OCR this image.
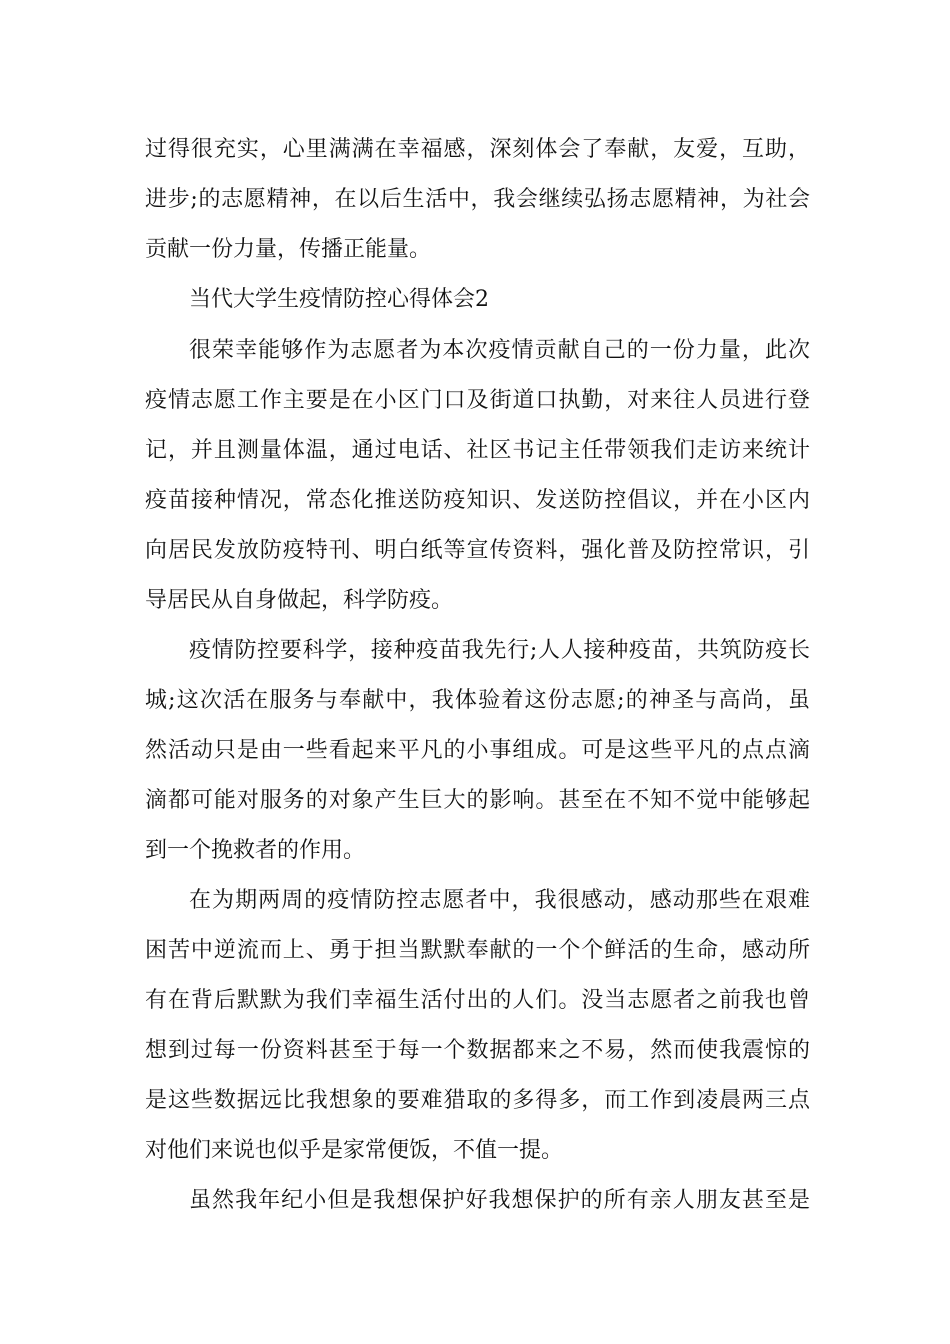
过得很充实，心里满满在幸福感，深刻体会了奉献，友爱，互助，
进步;的志愿精神，在以后生活中，我会继续弘扬志愿精神，为社会
贡献一份力量，传播正能量。
当代大学生疫情防控心得体会2
很荣幸能够作为志愿者为本次疫情贡献自己的一份力量，此次
疫情志愿工作主要是在小区门口及街道口执勤，对来往人员进行登
记，并且测量体温，通过电话、社区书记主任带领我们走访来统计
疫苗接种情况，常态化推送防疫知识、发送防控倡议，并在小区内
向居民发放防疫特刊、明白纸等宣传资料，强化普及防控常识，引
导居民从自身做起，科学防疫。
疫情防控要科学，接种疫苗我先行;人人接种疫苗，共筑防疫长
城;这次活在服务与奉献中，我体验着这份志愿;的神圣与高尚，虽
然活动只是由一些看起来平凡的小事组成。可是这些平凡的点点滴
滴都可能对服务的对象产生巨大的影响。甚至在不知不觉中能够起
到一个挽救者的作用。
在为期两周的疫情防控志愿者中，我很感动，感动那些在艰难
困苦中逆流而上、勇于担当默默奉献的一个个鲜活的生命，感动所
有在背后默默为我们幸福生活付出的人们。没当志愿者之前我也曾
想到过每一份资料甚至于每一个数据都来之不易，然而使我震惊的
是这些数据远比我想象的要难猎取的多得多，而工作到凌晨两三点
对他们来说也似乎是家常便饭，不值一提。
虽然我年纪小但是我想保护好我想保护的所有亲人朋友甚至是
